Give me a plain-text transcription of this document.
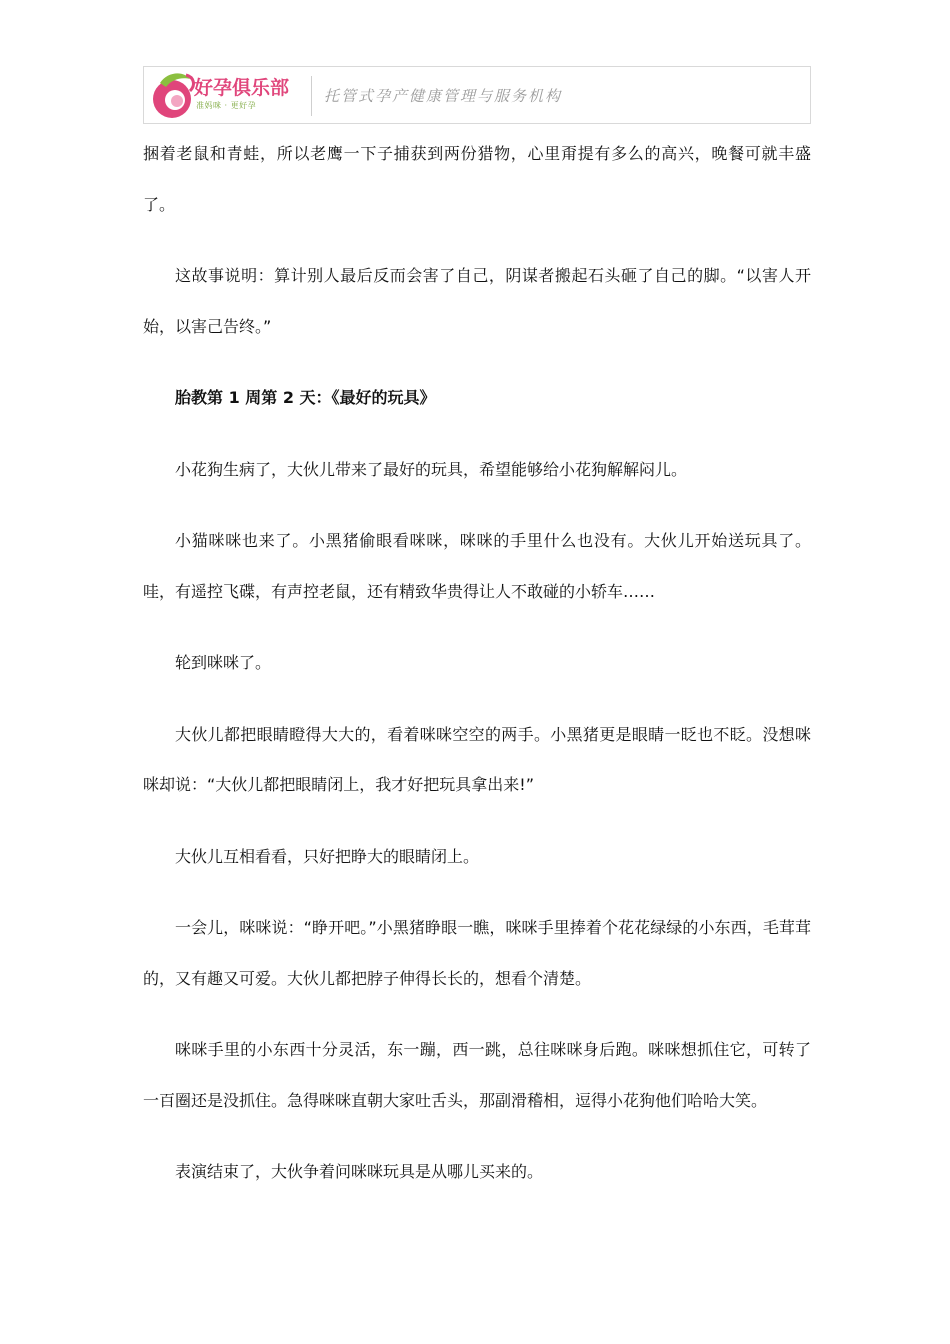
好孕俱乐部
准妈咪 · 更好孕
托管式孕产健康管理与服务机构

捆着老鼠和青蛙，所以老鹰一下子捕获到两份猎物，心里甭提有多么的高兴，晚餐可就丰盛了。

这故事说明：算计别人最后反而会害了自己，阴谋者搬起石头砸了自己的脚。“以害人开始，以害己告终。”

胎教第 1 周第 2 天：《最好的玩具》

小花狗生病了，大伙儿带来了最好的玩具，希望能够给小花狗解解闷儿。

小猫咪咪也来了。小黑猪偷眼看咪咪，咪咪的手里什么也没有。大伙儿开始送玩具了。哇，有遥控飞碟，有声控老鼠，还有精致华贵得让人不敢碰的小轿车……

轮到咪咪了。

大伙儿都把眼睛瞪得大大的，看着咪咪空空的两手。小黑猪更是眼睛一眨也不眨。没想咪咪却说：“大伙儿都把眼睛闭上，我才好把玩具拿出来!”

大伙儿互相看看，只好把睁大的眼睛闭上。

一会儿，咪咪说：“睁开吧。”小黑猪睁眼一瞧，咪咪手里捧着个花花绿绿的小东西，毛茸茸的，又有趣又可爱。大伙儿都把脖子伸得长长的，想看个清楚。

咪咪手里的小东西十分灵活，东一蹦，西一跳，总往咪咪身后跑。咪咪想抓住它，可转了一百圈还是没抓住。急得咪咪直朝大家吐舌头，那副滑稽相，逗得小花狗他们哈哈大笑。

表演结束了，大伙争着问咪咪玩具是从哪儿买来的。
